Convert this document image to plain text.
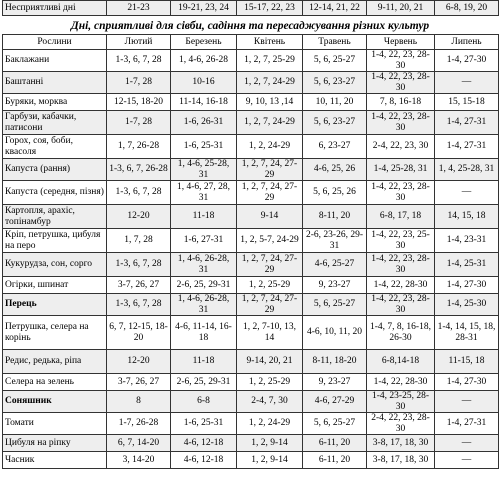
Несприятливі дні	21-23	19-21, 23, 24	15-17, 22, 23	12-14, 21, 22	9-11, 20, 21	6-8, 19, 20
Дні, сприятливі для сівби, садіння та пересаджування різних культур
Рослини	Лютий	Березень	Квітень	Травень	Червень	Липень
Баклажани	1-3, 6, 7, 28	1, 4-6, 26-28	1, 2, 7, 25-29	5, 6, 25-27	1-4, 22, 23, 28-30	1-4, 27-30
Баштанні	1-7, 28	10-16	1, 2, 7, 24-29	5, 6, 23-27	1-4, 22, 23, 28-30	—
Буряки, морква	12-15, 18-20	11-14, 16-18	9, 10, 13 ,14	10, 11, 20	7, 8, 16-18	15, 15-18
Гарбузи, кабачки, патисони	1-7, 28	1-6, 26-31	1, 2, 7, 24-29	5, 6, 23-27	1-4, 22, 23, 28-30	1-4, 27-31
Горох, соя, боби, квасоля	1, 7, 26-28	1-6, 25-31	1, 2, 24-29	6, 23-27	2-4, 22, 23, 30	1-4, 27-31
Капуста (рання)	1-3, 6, 7, 26-28	1, 4-6, 25-28, 31	1, 2, 7, 24, 27-29	4-6, 25, 26	1-4, 25-28, 31	1, 4, 25-28, 31
Капуста (середня, пізня)	1-3, 6, 7, 28	1, 4-6, 27, 28, 31	1, 2, 7, 24, 27-29	5, 6, 25, 26	1-4, 22, 23, 28-30	—
Картопля, арахіс, топінамбур	12-20	11-18	9-14	8-11, 20	6-8, 17, 18	14, 15, 18
Кріп, петрушка, цибуля на перо	1, 7, 28	1-6, 27-31	1, 2, 5-7, 24-29	2-6, 23-26, 29-31	1-4, 22, 23, 25-30	1-4, 23-31
Кукурудза, сон, сорго	1-3, 6, 7, 28	1, 4-6, 26-28, 31	1, 2, 7, 24, 27-29	4-6, 25-27	1-4, 22, 23, 28-30	1-4, 25-31
Огірки, шпинат	3-7, 26, 27	2-6, 25, 29-31	1, 2, 25-29	9, 23-27	1-4, 22, 28-30	1-4, 27-30
Перець	1-3, 6, 7, 28	1, 4-6, 26-28, 31	1, 2, 7, 24, 27-29	5, 6, 25-27	1-4, 22, 23, 28-30	1-4, 25-30
Петрушка, селера на корінь	6, 7, 12-15, 18-20	4-6, 11-14, 16-18	1, 2, 7-10, 13, 14	4-6, 10, 11, 20	1-4, 7, 8, 16-18, 26-30	1-4, 14, 15, 18, 28-31
Редис, редька, ріпа	12-20	11-18	9-14, 20, 21	8-11, 18-20	6-8,14-18	11-15, 18
Селера на зелень	3-7, 26, 27	2-6, 25, 29-31	1, 2, 25-29	9, 23-27	1-4, 22, 28-30	1-4, 27-30
Соняшник	8	6-8	2-4, 7, 30	4-6, 27-29	1-4, 23-25, 28-30	—
Томати	1-7, 26-28	1-6, 25-31	1, 2, 24-29	5, 6, 25-27	2-4, 22, 23, 28-30	1-4, 27-31
Цибуля на ріпку	6, 7, 14-20	4-6, 12-18	1, 2, 9-14	6-11, 20	3-8, 17, 18, 30	—
Часник	3, 14-20	4-6, 12-18	1, 2, 9-14	6-11, 20	3-8, 17, 18, 30	—
